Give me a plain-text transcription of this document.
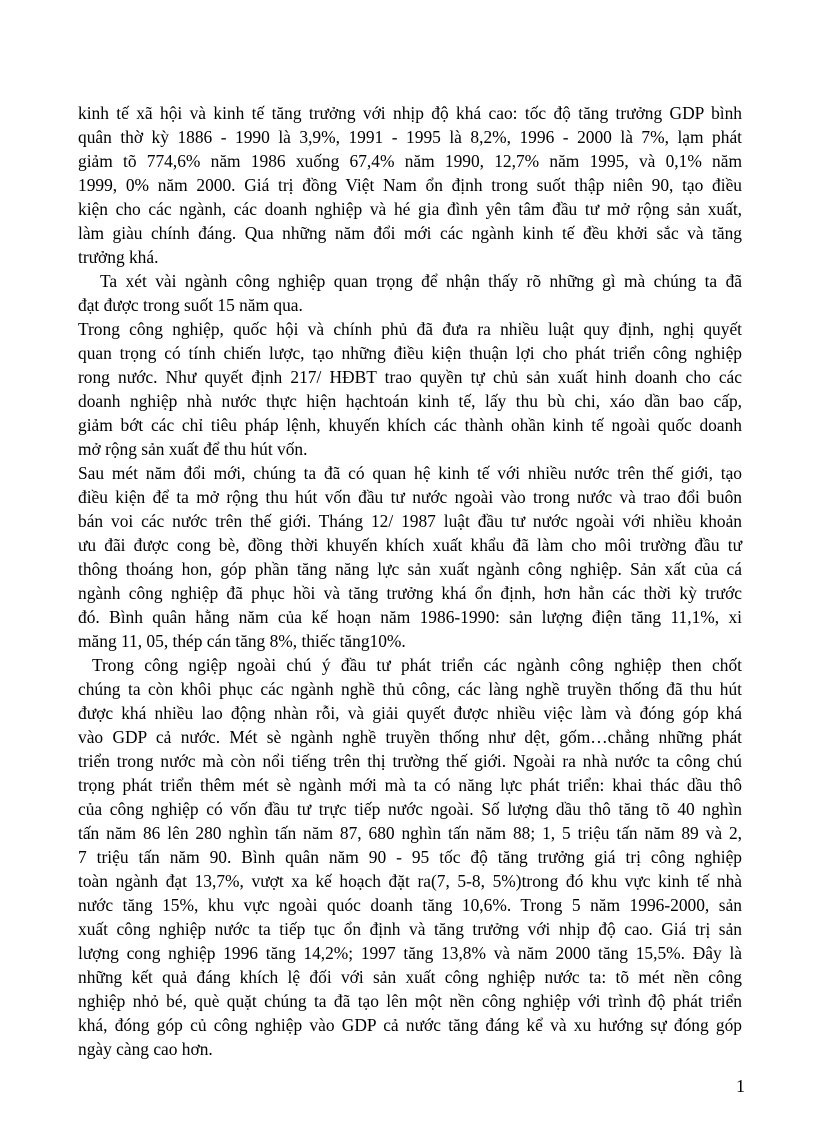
kinh tế xã hội và kinh tế tăng trưởng với nhịp độ khá cao: tốc độ tăng trưởng GDP bình
quân thờ kỳ 1886 - 1990 là 3,9%, 1991 - 1995 là 8,2%, 1996 - 2000 là 7%, lạm phát
giảm tõ 774,6% năm 1986 xuống 67,4% năm 1990, 12,7% năm 1995, và 0,1% năm
1999, 0% năm 2000. Giá trị đồng Việt Nam ổn định trong suốt thập niên 90, tạo điều
kiện cho các ngành, các doanh nghiệp và hé gia đình yên tâm đầu tư mở rộng sản xuất,
làm giàu chính đáng. Qua những năm đổi mới các ngành kinh tế đều khởi sắc và tăng
trưởng khá.
Ta xét vài ngành công nghiệp quan trọng để nhận thấy rõ những gì mà chúng ta đã
đạt được trong suốt 15 năm qua.
Trong công nghiệp, quốc hội và chính phủ đã đưa ra nhiều luật quy định, nghị quyết
quan trọng có tính chiến lược, tạo những điều kiện thuận lợi cho phát triển công nghiệp
rong nước. Như quyết định 217/ HĐBT trao quyền tự chủ sản xuất hinh doanh cho các
doanh nghiệp nhà nước thực hiện hạchtoán kinh tế, lấy thu bù chi, xáo dần bao cấp,
giảm bớt các chỉ tiêu pháp lệnh, khuyến khích các thành ohần kinh tế ngoài quốc doanh
mở rộng sản xuất để thu hút vốn.
Sau mét năm đổi mới, chúng ta đã có quan hệ kinh tế với nhiều nước trên thế giới, tạo
điều kiện để ta mở rộng thu hút vốn đầu tư nước ngoài vào trong nước và trao đổi buôn
bán voi các nước trên thế giới. Tháng 12/ 1987 luật đầu tư nước ngoài với nhiều khoản
ưu đãi được cong bè, đồng thời khuyến khích xuất khẩu đã làm cho môi trường đầu tư
thông thoáng hon, góp phần tăng năng lực sản xuất ngành công nghiệp. Sản xất của cá
ngành công nghiệp đã phục hồi và tăng trưởng khá ổn định, hơn hẳn các thời kỳ trước
đó. Bình quân hằng năm của kế hoạn năm 1986-1990: sản lượng điện tăng 11,1%, xi
măng 11, 05, thép cán tăng 8%, thiếc tăng10%.
Trong công ngiệp ngoài chú ý đầu tư phát triển các ngành công nghiệp then chốt
chúng ta còn khôi phục các ngành nghề thủ công, các làng nghề truyền thống đã thu hút
được khá nhiều lao động nhàn rỗi, và giải quyết được nhiều việc làm và đóng góp khá
vào GDP cả nước. Mét sè ngành nghề truyền thống như dệt, gốm…chẳng những phát
triển trong nước mà còn nổi tiếng trên thị trường thế giới. Ngoài ra nhà nước ta công chú
trọng phát triển thêm mét sè ngành mới mà ta có năng lực phát triển: khai thác dầu thô
của công nghiệp có vốn đầu tư trực tiếp nước ngoài. Số lượng dầu thô tăng tõ 40 nghìn
tấn năm 86 lên 280 nghìn tấn năm 87, 680 nghìn tấn năm 88; 1, 5 triệu tấn năm 89 và 2,
7 triệu tấn năm 90. Bình quân năm 90 - 95 tốc độ tăng trưởng giá trị công nghiệp
toàn ngành đạt 13,7%, vượt xa kế hoạch đặt ra(7, 5-8, 5%)trong đó khu vực kinh tế nhà
nước tăng 15%, khu vực ngoài quóc doanh tăng 10,6%. Trong 5 năm 1996-2000, sản
xuất công nghiệp nước ta tiếp tục ổn định và tăng trưởng với nhịp độ cao. Giá trị sản
lượng cong nghiệp 1996 tăng 14,2%; 1997 tăng 13,8% và năm 2000 tăng 15,5%. Đây là
những kết quả đáng khích lệ đối với sản xuất công nghiệp nước ta: tõ mét nền công
nghiệp nhỏ bé, què quặt chúng ta đã tạo lên một nền công nghiệp với trình độ phát triển
khá, đóng góp củ công nghiệp vào GDP cả nước tăng đáng kể và xu hướng sự đóng góp
ngày càng cao hơn.
1
